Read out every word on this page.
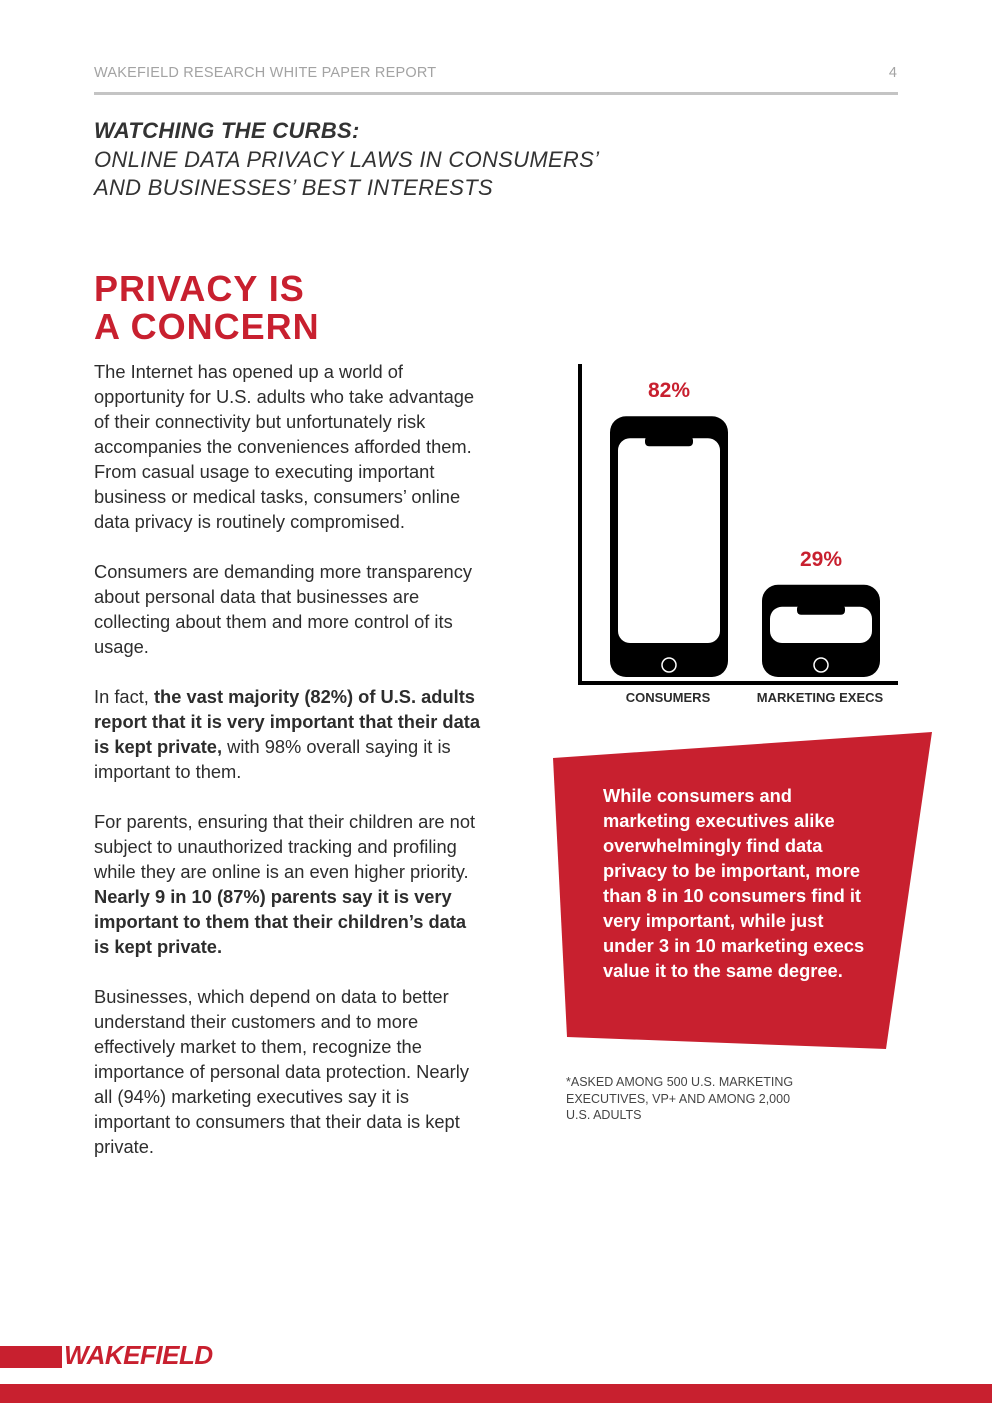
WAKEFIELD RESEARCH WHITE PAPER REPORT	4
WATCHING THE CURBS:
ONLINE DATA PRIVACY LAWS IN CONSUMERS’
AND BUSINESSES’ BEST INTERESTS
PRIVACY IS
A CONCERN

The Internet has opened up a world of opportunity for U.S. adults who take advantage of their connectivity but unfortunately risk accompanies the conveniences afforded them. From casual usage to executing important business or medical tasks, consumers’ online data privacy is routinely compromised.

Consumers are demanding more transparency about personal data that businesses are collecting about them and more control of its usage.

In fact, the vast majority (82%) of U.S. adults report that it is very important that their data is kept private, with 98% overall saying it is important to them.

For parents, ensuring that their children are not subject to unauthorized tracking and profiling while they are online is an even higher priority. Nearly 9 in 10 (87%) parents say it is very important to them that their children’s data is kept private.

Businesses, which depend on data to better understand their customers and to more effectively market to them, recognize the importance of personal data protection. Nearly all (94%) marketing executives say it is important to consumers that their data is kept private.

82%
CONSUMERS
29%
MARKETING EXECS
While consumers and marketing executives alike overwhelmingly find data privacy to be important, more than 8 in 10 consumers find it very important, while just under 3 in 10 marketing execs value it to the same degree.
*ASKED AMONG 500 U.S. MARKETING EXECUTIVES, VP+ AND AMONG 2,000 U.S. ADULTS
WAKEFIELD
